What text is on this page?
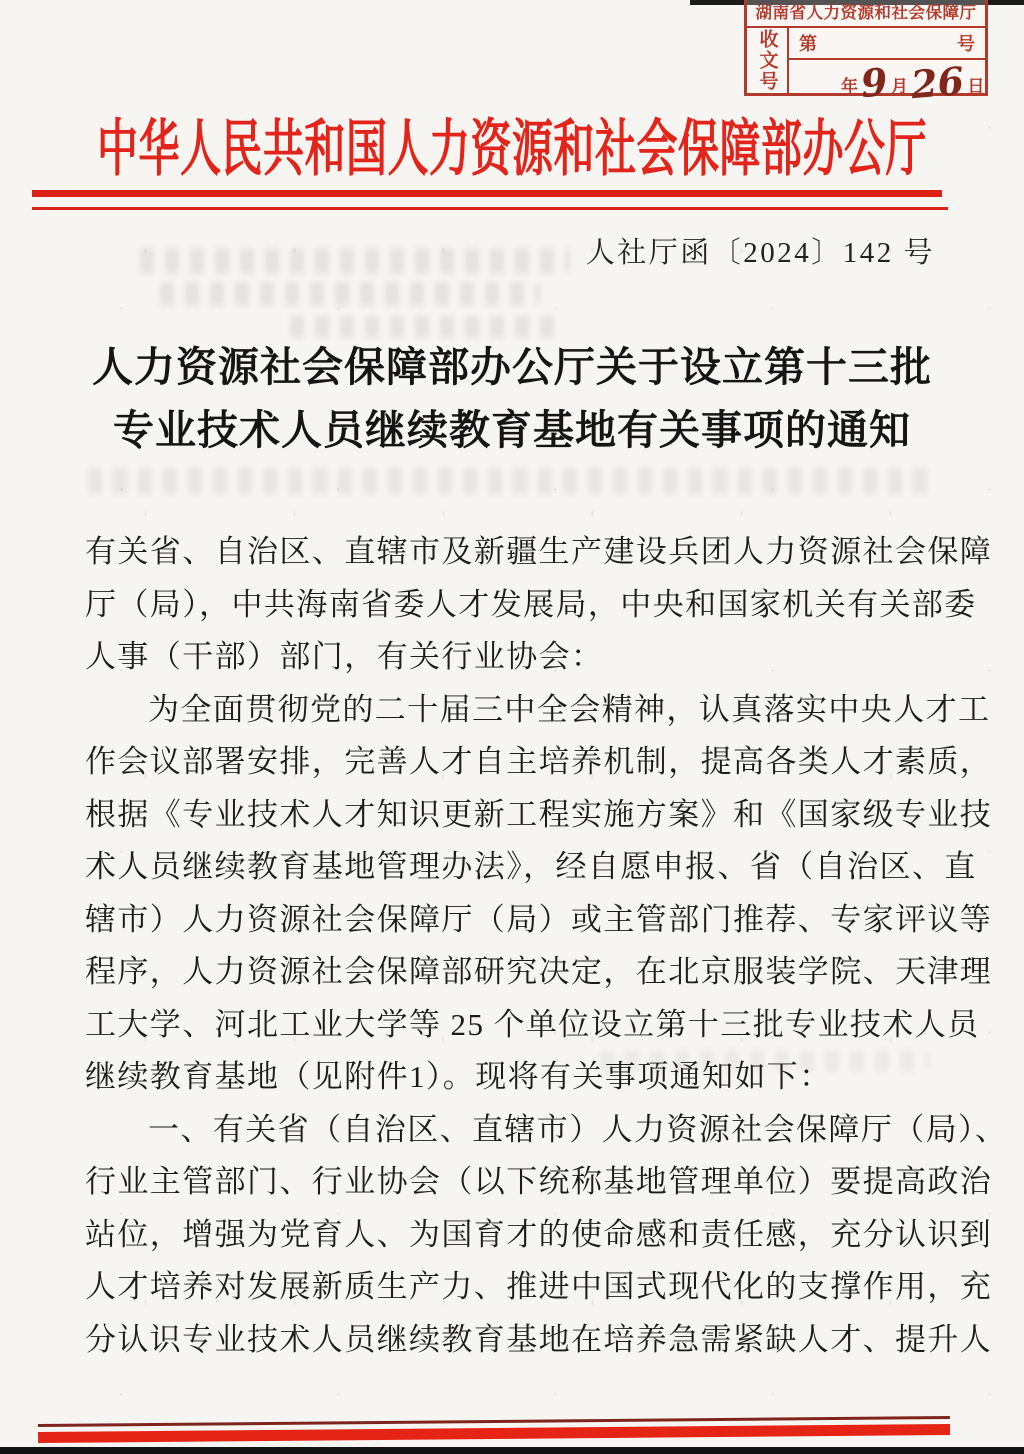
湖南省人力资源和社会保障厅
收文号	第	号
年 9 月 26 日
中华人民共和国人力资源和社会保障部办公厅
人社厅函〔2024〕142 号
人力资源社会保障部办公厅关于设立第十三批
专业技术人员继续教育基地有关事项的通知
有关省、自治区、直辖市及新疆生产建设兵团人力资源社会保障
厅（局），中共海南省委人才发展局，中央和国家机关有关部委
人事（干部）部门，有关行业协会：
为全面贯彻党的二十届三中全会精神，认真落实中央人才工
作会议部署安排，完善人才自主培养机制，提高各类人才素质，
根据《专业技术人才知识更新工程实施方案》和《国家级专业技
术人员继续教育基地管理办法》，经自愿申报、省（自治区、直
辖市）人力资源社会保障厅（局）或主管部门推荐、专家评议等
程序，人力资源社会保障部研究决定，在北京服装学院、天津理
工大学、河北工业大学等 25 个单位设立第十三批专业技术人员
继续教育基地（见附件1）。现将有关事项通知如下：
一、有关省（自治区、直辖市）人力资源社会保障厅（局）、
行业主管部门、行业协会（以下统称基地管理单位）要提高政治
站位，增强为党育人、为国育才的使命感和责任感，充分认识到
人才培养对发展新质生产力、推进中国式现代化的支撑作用，充
分认识专业技术人员继续教育基地在培养急需紧缺人才、提升人
